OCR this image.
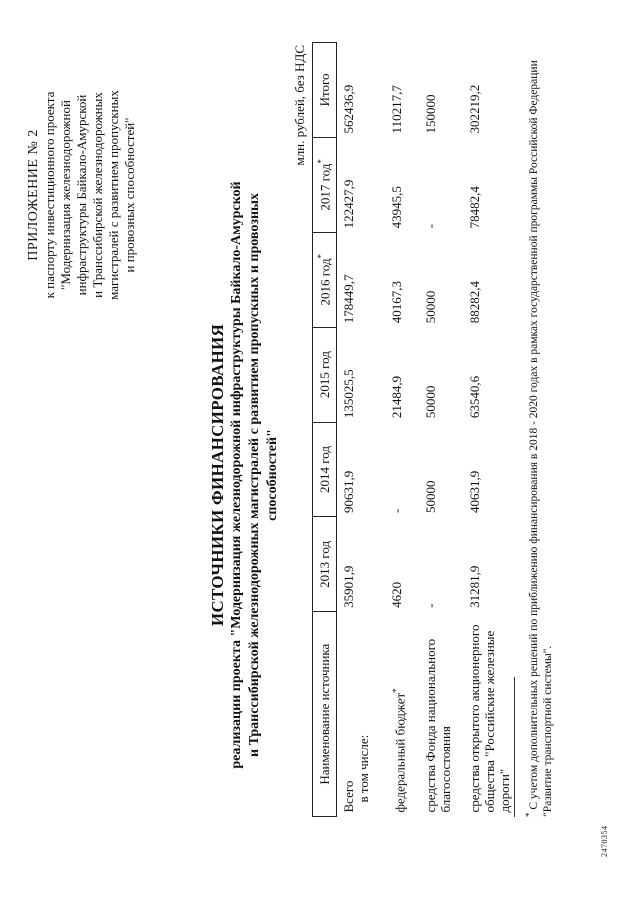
ПРИЛОЖЕНИЕ № 2 к паспорту инвестиционного проекта "Модернизация железнодорожной инфраструктуры Байкало-Амурской и Транссибирской железнодорожных магистралей с развитием пропускных и провозных способностей"
ИСТОЧНИКИ ФИНАНСИРОВАНИЯ реализации проекта "Модернизация железнодорожной инфраструктуры Байкало-Амурской и Транссибирской железнодорожных магистралей с развитием пропускных и провозных способностей"
млн. рублей, без НДС
Наименование источника	2013 год	2014 год	2015 год	2016 год*	2017 год*	Итого

Всего в том числе:	35901,9	90631,9	135025,5	178449,7	122427,9	562436,9
федеральный бюджет*	4620	-	21484,9	40167,3	43945,5	110217,7
средства Фонда национального благосостояния	-	50000	50000	50000	-	150000
средства открытого акционерного общества "Российские железные дороги"	31281,9	40631,9	63540,6	88282,4	78482,4	302219,2
* С учетом дополнительных решений по приближению финансирования в 2018 - 2020 годах в рамках государственной программы Российской Федерации "Развитие транспортной системы".
2470354
